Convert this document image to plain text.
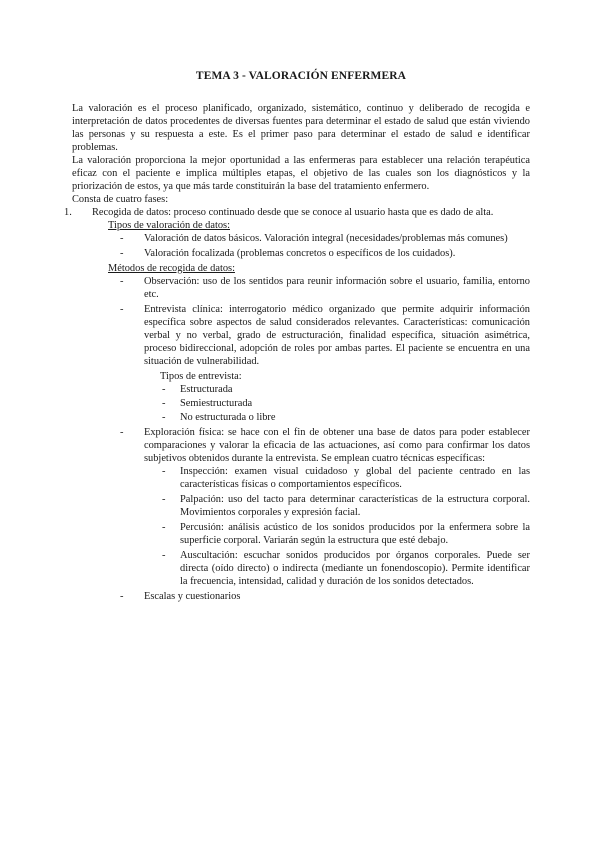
TEMA 3 - VALORACIÓN ENFERMERA

La valoración es el proceso planificado, organizado, sistemático, continuo y deliberado de recogida e interpretación de datos procedentes de diversas fuentes para determinar el estado de salud que están viviendo las personas y su respuesta a este. Es el primer paso para determinar el estado de salud e identificar problemas.

La valoración proporciona la mejor oportunidad a las enfermeras para establecer una relación terapéutica eficaz con el paciente e implica múltiples etapas, el objetivo de las cuales son los diagnósticos y la priorización de estos, ya que más tarde constituirán la base del tratamiento enfermero.

Consta de cuatro fases:

1. Recogida de datos: proceso continuado desde que se conoce al usuario hasta que es dado de alta.
Tipos de valoración de datos:
- Valoración de datos básicos. Valoración integral (necesidades/problemas más comunes)
- Valoración focalizada (problemas concretos o específicos de los cuidados).
Métodos de recogida de datos:
- Observación: uso de los sentidos para reunir información sobre el usuario, familia, entorno etc.
- Entrevista clínica: interrogatorio médico organizado que permite adquirir información específica sobre aspectos de salud considerados relevantes. Características: comunicación verbal y no verbal, grado de estructuración, finalidad específica, situación asimétrica, proceso bidireccional, adopción de roles por ambas partes. El paciente se encuentra en una situación de vulnerabilidad.
Tipos de entrevista:
- Estructurada
- Semiestructurada
- No estructurada o libre
- Exploración física: se hace con el fin de obtener una base de datos para poder establecer comparaciones y valorar la eficacia de las actuaciones, así como para confirmar los datos subjetivos obtenidos durante la entrevista. Se emplean cuatro técnicas específicas:
- Inspección: examen visual cuidadoso y global del paciente centrado en las características físicas o comportamientos específicos.
- Palpación: uso del tacto para determinar características de la estructura corporal. Movimientos corporales y expresión facial.
- Percusión: análisis acústico de los sonidos producidos por la enfermera sobre la superficie corporal. Variarán según la estructura que esté debajo.
- Auscultación: escuchar sonidos producidos por órganos corporales. Puede ser directa (oído directo) o indirecta (mediante un fonendoscopio). Permite identificar la frecuencia, intensidad, calidad y duración de los sonidos detectados.
- Escalas y cuestionarios
